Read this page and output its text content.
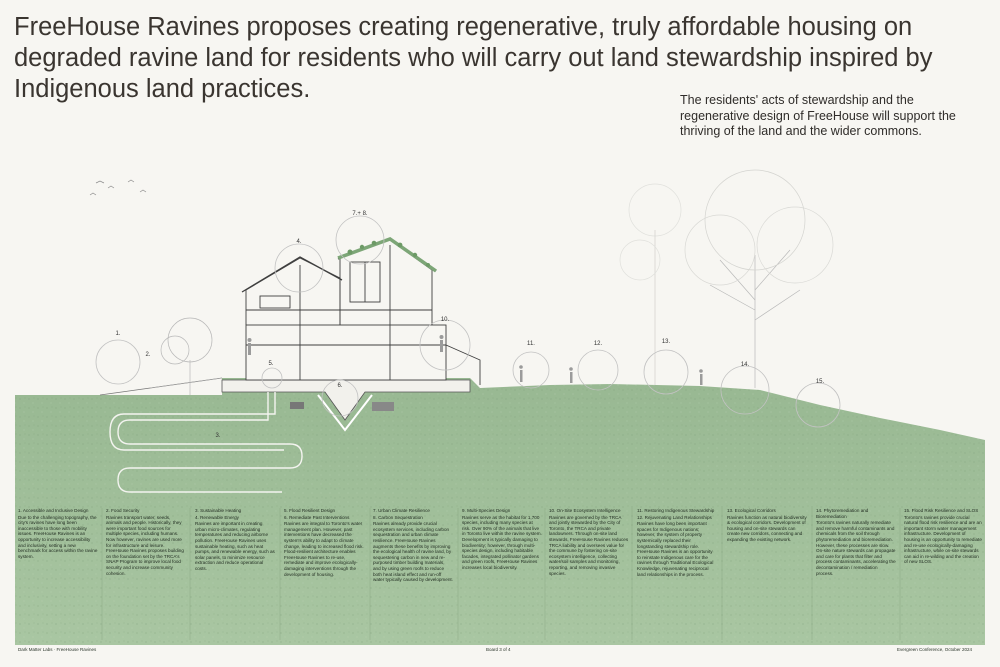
FreeHouse Ravines proposes creating regenerative, truly affordable housing on degraded ravine land for residents who will carry out land stewardship inspired by Indigenous land practices.	The residents' acts of stewardship and the regenerative design of FreeHouse will support the thriving of the land and the wider commons.
1.
2.
3.
4.
5.
6.
7.+ 8.
10.
11.	12.	13.
14.
15.
1. Accessible and Inclusive Design
Due to the challenging topography, the city's ravines have long been inaccessible to those with mobility issues. FreeHouse Ravines is an opportunity to increase accessibility and inclusivity, setting a new benchmark for access within the ravine system.
2. Food Security
Ravines transport water, seeds, animals and people. Historically, they were important food sources for multiple species, including humans. Now however, ravines are used more for infrastructure and leisure. FreeHouse Ravines proposes building on the foundation set by the TRCA's SNAP Program to improve local food security and increase community cohesion.
3. Sustainable Heating
4. Renewable Energy
Ravines are important in creating urban micro-climates, regulating temperatures and reducing airborne pollution. FreeHouse Ravines uses sustainable heating, such as heat pumps, and renewable energy, such as solar panels, to minimize resource extraction and reduce operational costs.
5. Flood Resilient Design
6. Remediate Past Interventions
Ravines are integral to Toronto's water management plan. However, past interventions have decreased the system's ability to adapt to climate change, leading to increased flood risk. Flood-resilient architecture enables FreeHouse Ravines to re-use, remediate and improve ecologically-damaging interventions through the development of housing.
7. Urban Climate Resilience
8. Carbon Sequestration
Ravines already provide crucial ecosystem services, including carbon sequestration and urban climate resilience. FreeHouse Ravines augments these benefits by improving the ecological health of ravine land, by sequestering carbon in new and re-purposed timber building materials, and by using green roofs to reduce both heat island effect and run-off water typically caused by development.
9. Multi-Species Design
Ravines serve as the habitat for 1,700 species, including many species at risk. Over 90% of the animals that live in Toronto live within the ravine system. Development is typically damaging to biodiversity; however, through multi-species design, including habitable facades, integrated pollinator gardens and green roofs, FreeHouse Ravines increases local biodiversity.
10. On-Site Ecosystem Intelligence
Ravines are governed by the TRCA and jointly stewarded by the City of Toronto, the TRCA and private landowners. Through on-site land stewards, FreeHouse Ravines reduces TRCA liability and oversees value for the commune by fostering on-site ecosystem intelligence, collecting water/soil samples and monitoring, reporting, and removing invasive species.
11. Restoring Indigenous Stewardship
12. Rejuvenating Land Relationships
Ravines have long been important spaces for Indigenous nations; however, the system of property systemically replaced their longstanding stewardship role. FreeHouse Ravines is an opportunity to reinstate Indigenous care for the ravines through Traditional Ecological Knowledge, rejuvenating reciprocal land relationships in the process.
13. Ecological Corridors
Ravines function as natural biodiversity & ecological corridors. Development of housing and on-site stewards can create new corridors, connecting and expanding the existing network.
14. Phytoremediation and Bioremediation
Toronto's ravines naturally remediate and remove harmful contaminants and chemicals from the soil through phytoremediation and bioremediation. However, these processes are slow. On-site nature stewards can propagate and care for plants that filter and process contaminants, accelerating the decontamination / remediation process.
15. Flood Risk Resilience and SLOS
Toronto's ravines provide crucial natural flood risk resilience and are an important storm water management infrastructure. Development of housing is an opportunity to remediate and re-use ecologically-damaging infrastructure, while on-site stewards can aid in re-wilding and the creation of new SLOS.
Dark Matter Labs · FreeHouse Ravines	Board 3 of 4	Evergreen Conference, October 2024
